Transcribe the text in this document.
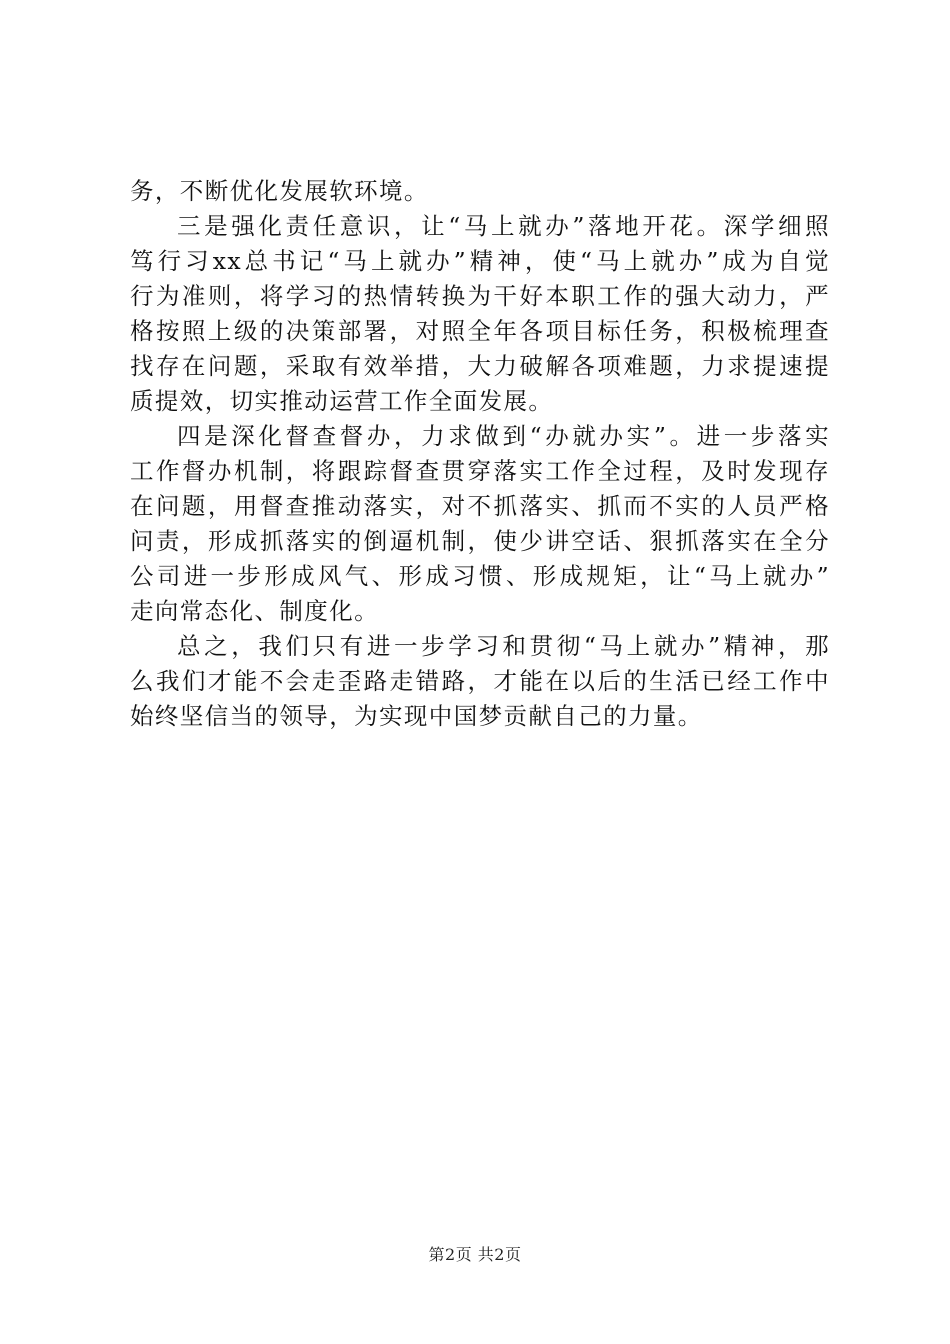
务，不断优化发展软环境。
三是强化责任意识，让“马上就办”落地开花。深学细照
笃行习xx总书记“马上就办”精神，使“马上就办”成为自觉
行为准则，将学习的热情转换为干好本职工作的强大动力，严
格按照上级的决策部署，对照全年各项目标任务，积极梳理查
找存在问题，采取有效举措，大力破解各项难题，力求提速提
质提效，切实推动运营工作全面发展。
四是深化督查督办，力求做到“办就办实”。进一步落实
工作督办机制，将跟踪督查贯穿落实工作全过程，及时发现存
在问题，用督查推动落实，对不抓落实、抓而不实的人员严格
问责，形成抓落实的倒逼机制，使少讲空话、狠抓落实在全分
公司进一步形成风气、形成习惯、形成规矩，让“马上就办”
走向常态化、制度化。
总之，我们只有进一步学习和贯彻“马上就办”精神，那
么我们才能不会走歪路走错路，才能在以后的生活已经工作中
始终坚信当的领导，为实现中国梦贡献自己的力量。
第2页 共2页
